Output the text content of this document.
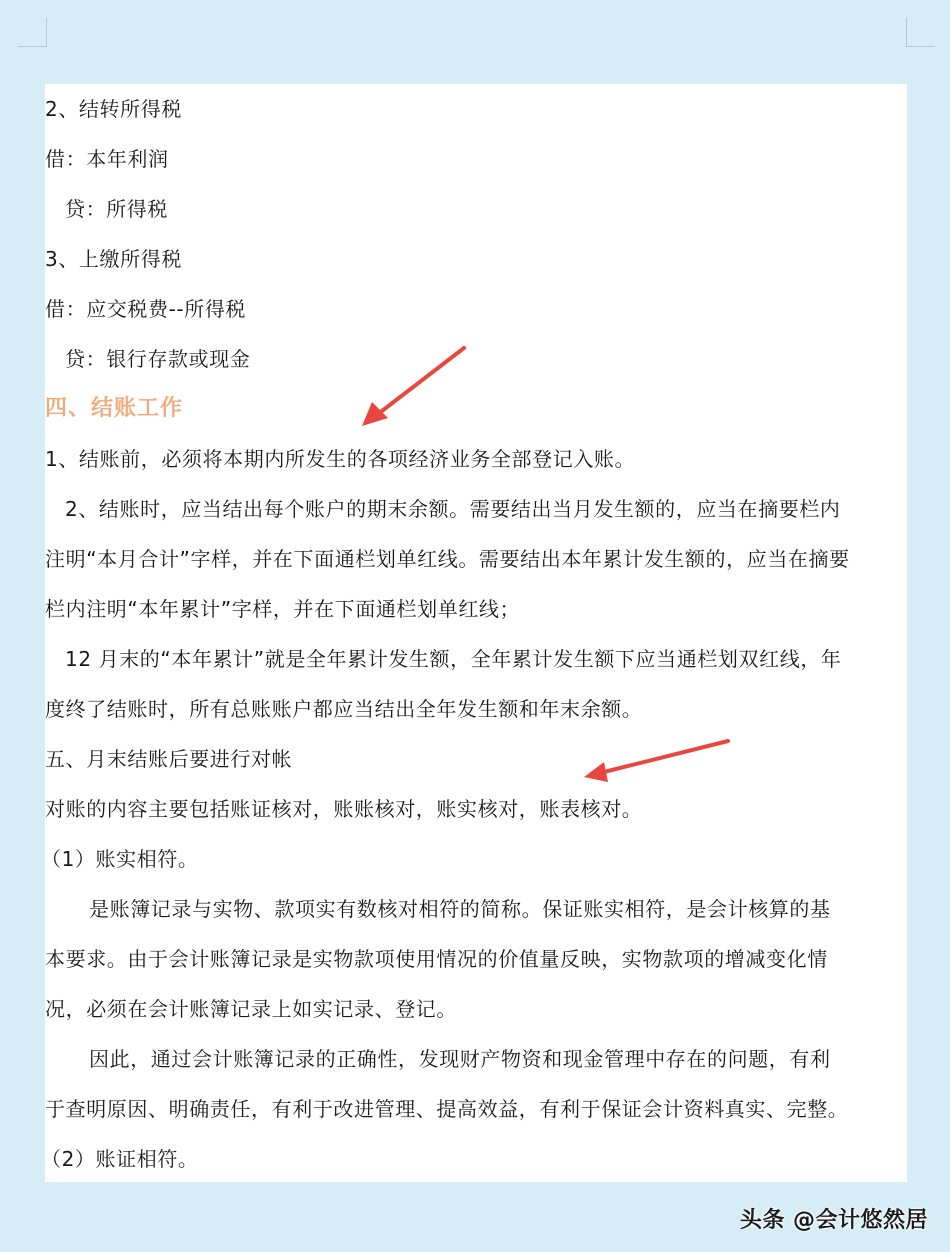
2、结转所得税
借：本年利润
贷：所得税
3、上缴所得税
借：应交税费--所得税
贷：银行存款或现金
四、结账工作
1、结账前，必须将本期内所发生的各项经济业务全部登记入账。
2、结账时，应当结出每个账户的期末余额。需要结出当月发生额的，应当在摘要栏内
注明“本月合计”字样，并在下面通栏划单红线。需要结出本年累计发生额的，应当在摘要
栏内注明“本年累计”字样，并在下面通栏划单红线；
12 月末的“本年累计”就是全年累计发生额，全年累计发生额下应当通栏划双红线，年
度终了结账时，所有总账账户都应当结出全年发生额和年末余额。
五、月末结账后要进行对帐
对账的内容主要包括账证核对，账账核对，账实核对，账表核对。
（1）账实相符。
是账簿记录与实物、款项实有数核对相符的简称。保证账实相符，是会计核算的基
本要求。由于会计账簿记录是实物款项使用情况的价值量反映，实物款项的增减变化情
况，必须在会计账簿记录上如实记录、登记。
因此，通过会计账簿记录的正确性，发现财产物资和现金管理中存在的问题，有利
于查明原因、明确责任，有利于改进管理、提高效益，有利于保证会计资料真实、完整。
（2）账证相符。
头条 @会计悠然居
